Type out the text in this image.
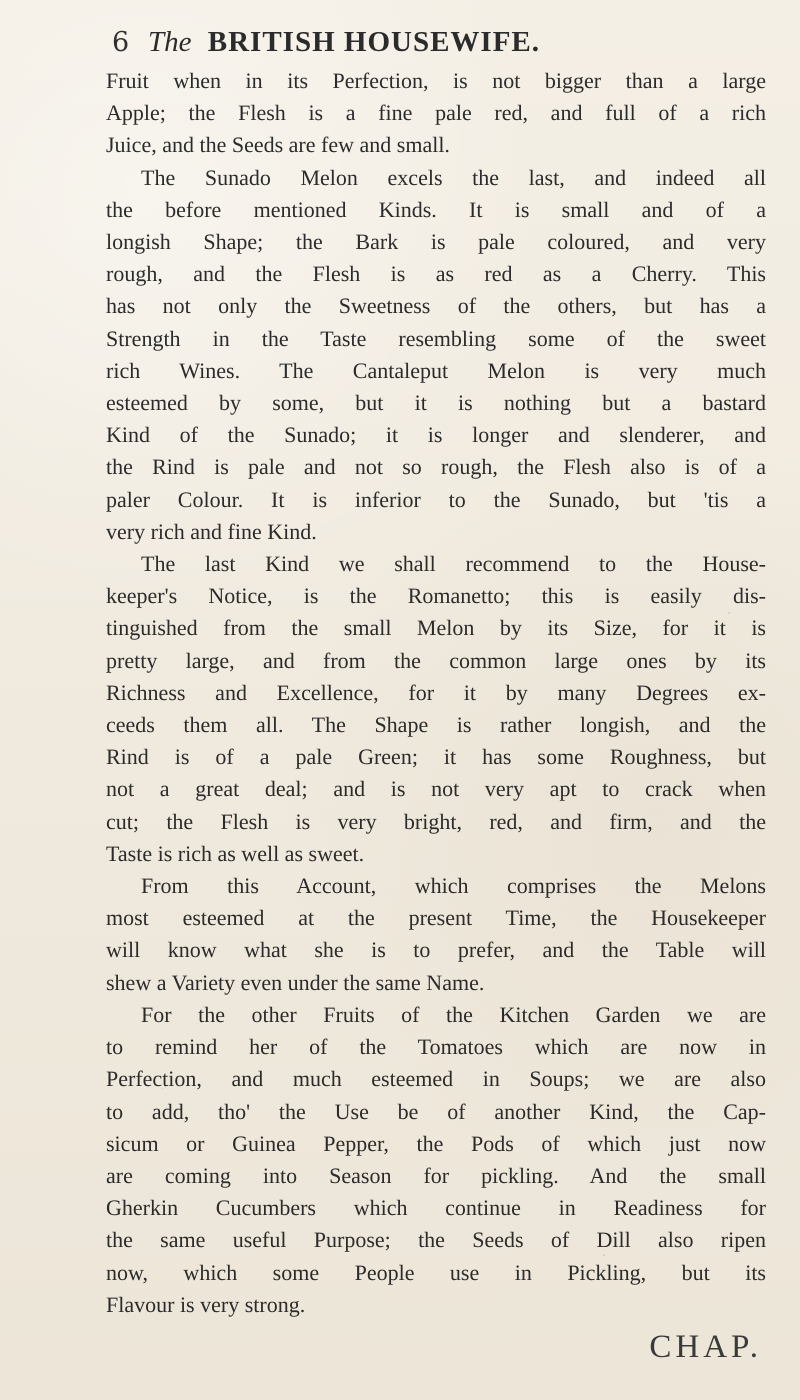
6 The BRITISH HOUSEWIFE.
Fruit when in its Perfection, is not bigger than a large
Apple; the Flesh is a fine pale red, and full of a rich
Juice, and the Seeds are few and small.
The Sunado Melon excels the last, and indeed all
the before mentioned Kinds. It is small and of a
longish Shape; the Bark is pale coloured, and very
rough, and the Flesh is as red as a Cherry. This
has not only the Sweetness of the others, but has a
Strength in the Taste resembling some of the sweet
rich Wines. The Cantaleput Melon is very much
esteemed by some, but it is nothing but a bastard
Kind of the Sunado; it is longer and slenderer, and
the Rind is pale and not so rough, the Flesh also is of a
paler Colour. It is inferior to the Sunado, but 'tis a
very rich and fine Kind.
The last Kind we shall recommend to the House-
keeper's Notice, is the Romanetto; this is easily dis-
tinguished from the small Melon by its Size, for it is
pretty large, and from the common large ones by its
Richness and Excellence, for it by many Degrees ex-
ceeds them all. The Shape is rather longish, and the
Rind is of a pale Green; it has some Roughness, but
not a great deal; and is not very apt to crack when
cut; the Flesh is very bright, red, and firm, and the
Taste is rich as well as sweet.
From this Account, which comprises the Melons
most esteemed at the present Time, the Housekeeper
will know what she is to prefer, and the Table will
shew a Variety even under the same Name.
For the other Fruits of the Kitchen Garden we are
to remind her of the Tomatoes which are now in
Perfection, and much esteemed in Soups; we are also
to add, tho' the Use be of another Kind, the Cap-
sicum or Guinea Pepper, the Pods of which just now
are coming into Season for pickling. And the small
Gherkin Cucumbers which continue in Readiness for
the same useful Purpose; the Seeds of Dill also ripen
now, which some People use in Pickling, but its
Flavour is very strong.
CHAP.
